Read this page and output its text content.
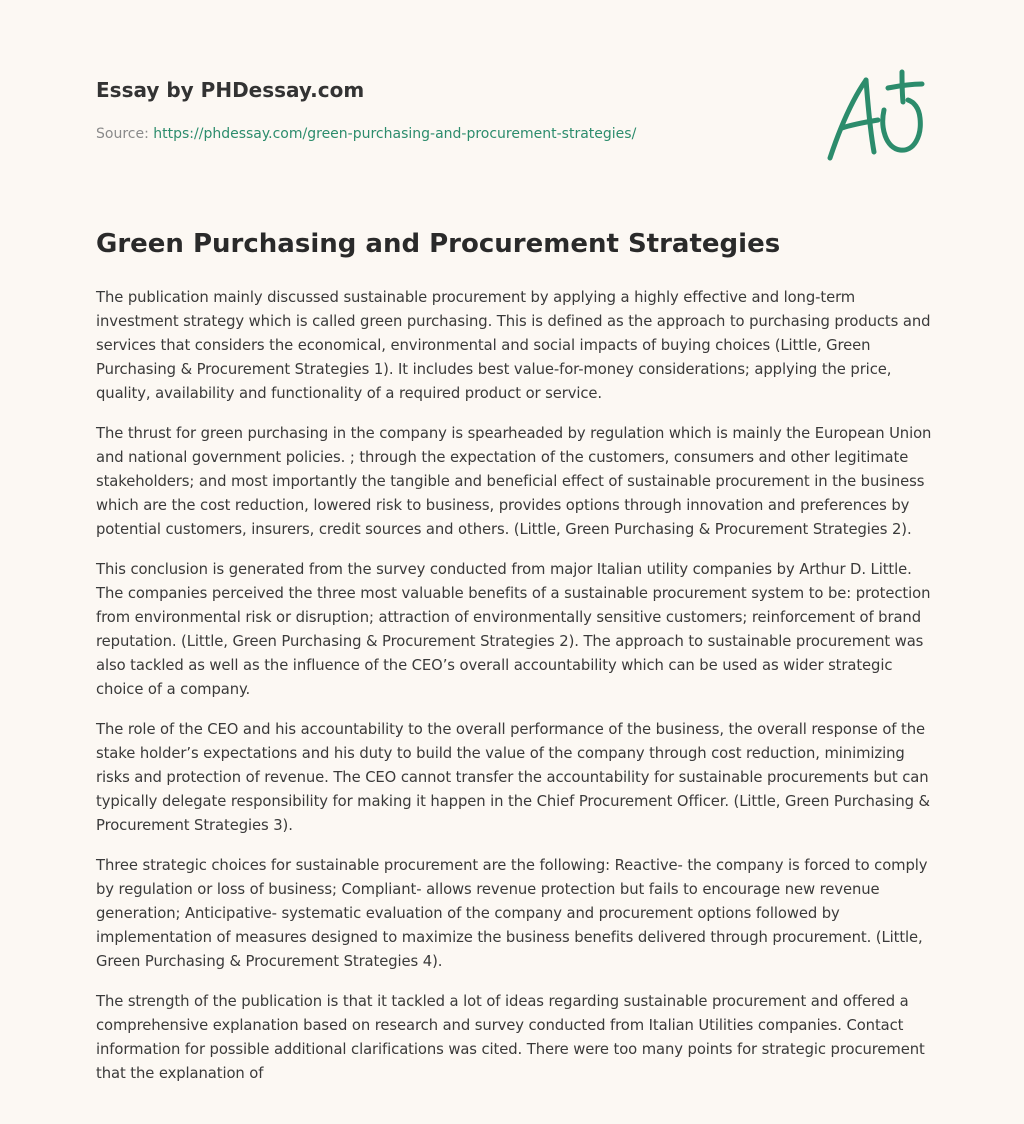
Essay by PHDessay.com
Source: https://phdessay.com/green-purchasing-and-procurement-strategies/
Green Purchasing and Procurement Strategies

The publication mainly discussed sustainable procurement by applying a highly effective and long-term investment strategy which is called green purchasing. This is defined as the approach to purchasing products and services that considers the economical, environmental and social impacts of buying choices (Little, Green Purchasing & Procurement Strategies 1). It includes best value-for-money considerations; applying the price, quality, availability and functionality of a required product or service.

The thrust for green purchasing in the company is spearheaded by regulation which is mainly the European Union and national government policies. ; through the expectation of the customers, consumers and other legitimate stakeholders; and most importantly the tangible and beneficial effect of sustainable procurement in the business which are the cost reduction, lowered risk to business, provides options through innovation and preferences by potential customers, insurers, credit sources and others. (Little, Green Purchasing & Procurement Strategies 2).

This conclusion is generated from the survey conducted from major Italian utility companies by Arthur D. Little. The companies perceived the three most valuable benefits of a sustainable procurement system to be: protection from environmental risk or disruption; attraction of environmentally sensitive customers; reinforcement of brand reputation. (Little, Green Purchasing & Procurement Strategies 2). The approach to sustainable procurement was also tackled as well as the influence of the CEO’s overall accountability which can be used as wider strategic choice of a company.

The role of the CEO and his accountability to the overall performance of the business, the overall response of the stake holder’s expectations and his duty to build the value of the company through cost reduction, minimizing risks and protection of revenue. The CEO cannot transfer the accountability for sustainable procurements but can typically delegate responsibility for making it happen in the Chief Procurement Officer. (Little, Green Purchasing & Procurement Strategies 3).

Three strategic choices for sustainable procurement are the following: Reactive- the company is forced to comply by regulation or loss of business; Compliant- allows revenue protection but fails to encourage new revenue generation; Anticipative- systematic evaluation of the company and procurement options followed by implementation of measures designed to maximize the business benefits delivered through procurement. (Little, Green Purchasing & Procurement Strategies 4).

The strength of the publication is that it tackled a lot of ideas regarding sustainable procurement and offered a comprehensive explanation based on research and survey conducted from Italian Utilities companies. Contact information for possible additional clarifications was cited. There were too many points for strategic procurement that the explanation of
